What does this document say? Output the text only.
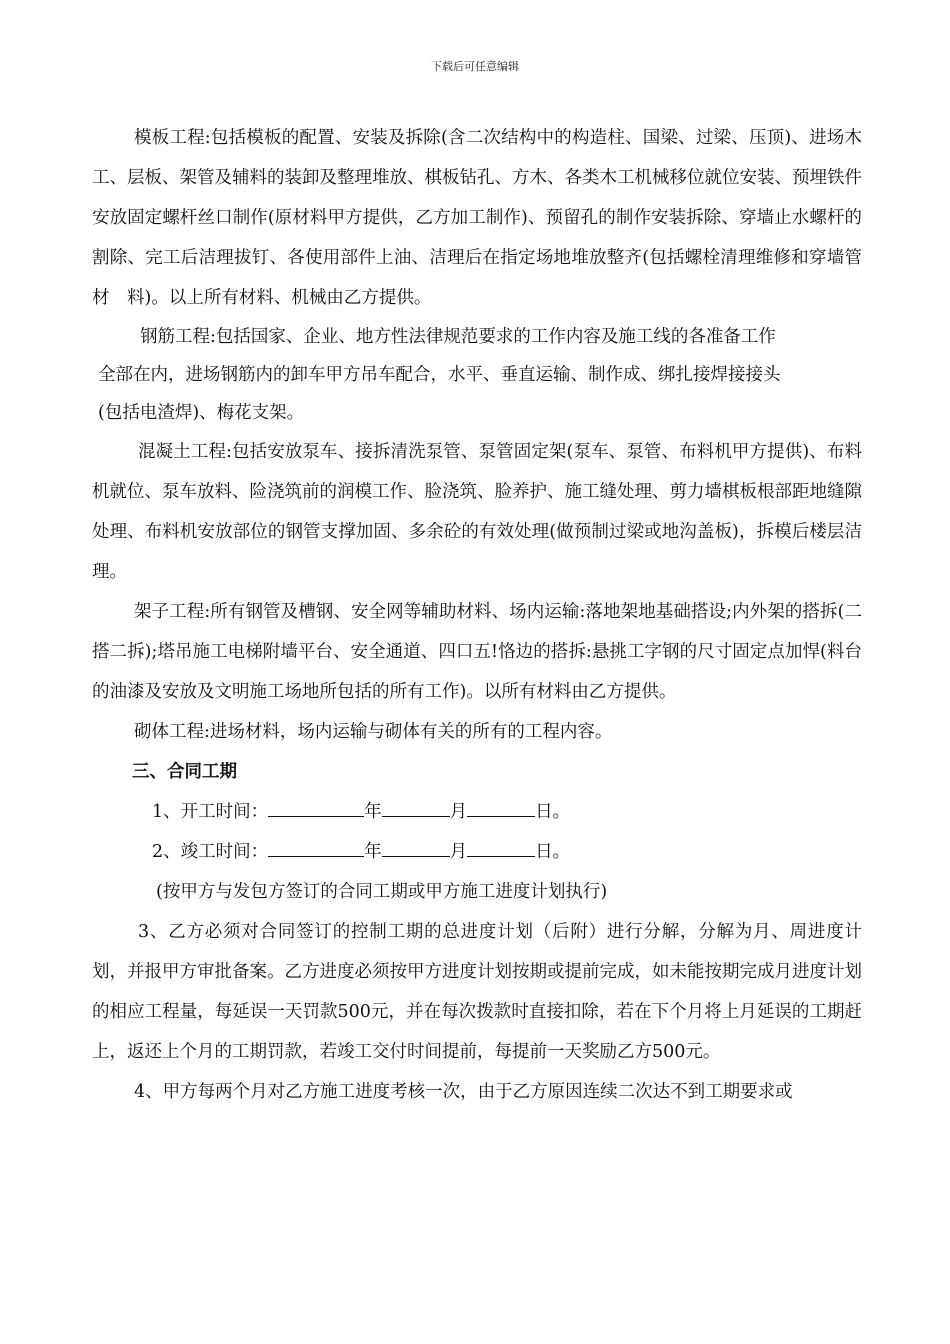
下载后可任意编辑

模板工程:包括模板的配置、安装及拆除(含二次结构中的构造柱、国梁、过梁、压顶)、进场木工、层板、架管及辅料的装卸及整理堆放、棋板钻孔、方木、各类木工机械移位就位安装、预埋铁件安放固定螺杆丝口制作(原材料甲方提供，乙方加工制作)、预留孔的制作安装拆除、穿墙止水螺杆的割除、完工后洁理拔钉、各使用部件上油、洁理后在指定场地堆放整齐(包括螺栓清理维修和穿墙管材　料)。以上所有材料、机械由乙方提供。

钢筋工程:包括国家、企业、地方性法律规范要求的工作内容及施工线的各准备工作

全部在内，进场钢筋内的卸车甲方吊车配合，水平、垂直运输、制作成、绑扎接焊接接头

(包括电渣焊)、梅花支架。

混凝土工程:包括安放泵车、接拆清洗泵管、泵管固定架(泵车、泵管、布料机甲方提供)、布料机就位、泵车放料、险浇筑前的润模工作、脸浇筑、脸养护、施工缝处理、剪力墙棋板根部距地缝隙处理、布料机安放部位的钢管支撑加固、多余砼的有效处理(做预制过梁或地沟盖板)，拆模后楼层洁理。

架子工程:所有钢管及槽钢、安全网等辅助材料、场内运输:落地架地基础搭设;内外架的搭拆(二搭二拆);塔吊施工电梯附墙平台、安全通道、四口五!恪边的搭拆:悬挑工字钢的尺寸固定点加悍(料台的油漆及安放及文明施工场地所包括的所有工作)。以所有材料由乙方提供。

砌体工程:进场材料，场内运输与砌体有关的所有的工程内容。

三、合同工期

1、开工时间：	年	月	日。

2、竣工时间：	年	月	日。

(按甲方与发包方签订的合同工期或甲方施工进度计划执行)

3、乙方必须对合同签订的控制工期的总进度计划（后附）进行分解，分解为月、周进度计划，并报甲方审批备案。乙方进度必须按甲方进度计划按期或提前完成，如未能按期完成月进度计划的相应工程量，每延误一天罚款500元，并在每次拨款时直接扣除，若在下个月将上月延误的工期赶上，返还上个月的工期罚款，若竣工交付时间提前，每提前一天奖励乙方500元。

4、甲方每两个月对乙方施工进度考核一次，由于乙方原因连续二次达不到工期要求或
